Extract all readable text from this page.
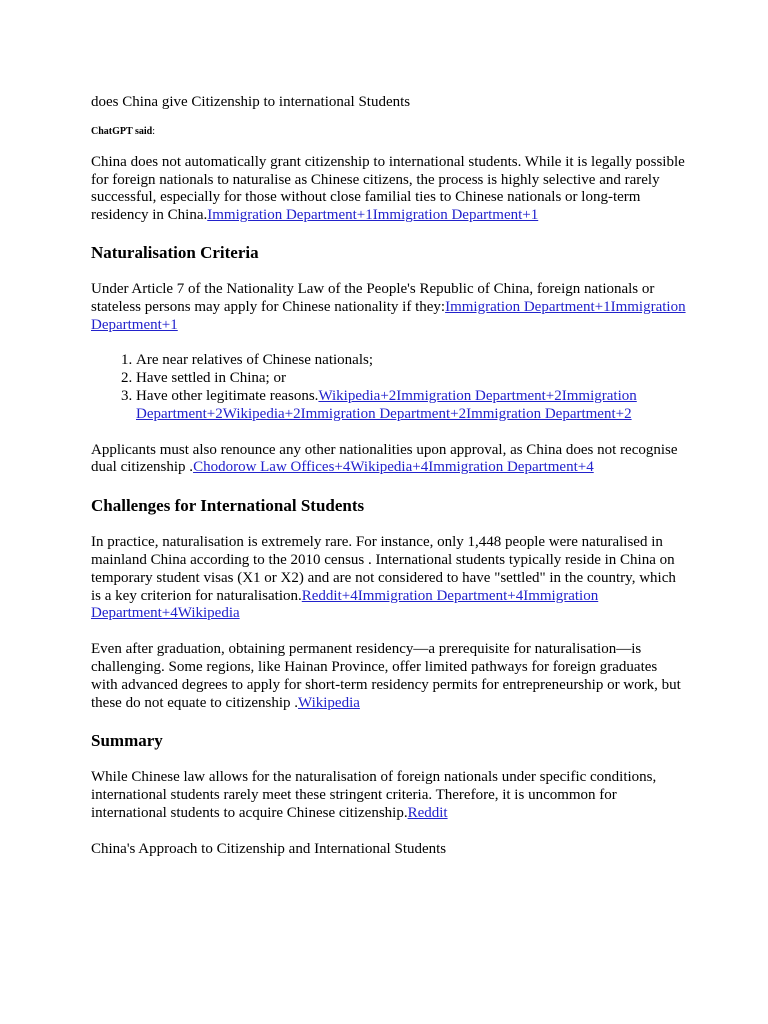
does China give Citizenship to international Students

ChatGPT said:

China does not automatically grant citizenship to international students. While it is legally possible for foreign nationals to naturalise as Chinese citizens, the process is highly selective and rarely successful, especially for those without close familial ties to Chinese nationals or long-term residency in China.Immigration Department+1Immigration Department+1

Naturalisation Criteria

Under Article 7 of the Nationality Law of the People's Republic of China, foreign nationals or stateless persons may apply for Chinese nationality if they:Immigration Department+1Immigration Department+1

1. Are near relatives of Chinese nationals;
2. Have settled in China; or
3. Have other legitimate reasons.Wikipedia+2Immigration Department+2Immigration Department+2Wikipedia+2Immigration Department+2Immigration Department+2

Applicants must also renounce any other nationalities upon approval, as China does not recognise dual citizenship .Chodorow Law Offices+4Wikipedia+4Immigration Department+4

Challenges for International Students

In practice, naturalisation is extremely rare. For instance, only 1,448 people were naturalised in mainland China according to the 2010 census . International students typically reside in China on temporary student visas (X1 or X2) and are not considered to have "settled" in the country, which is a key criterion for naturalisation.Reddit+4Immigration Department+4Immigration Department+4Wikipedia

Even after graduation, obtaining permanent residency—a prerequisite for naturalisation—is challenging. Some regions, like Hainan Province, offer limited pathways for foreign graduates with advanced degrees to apply for short-term residency permits for entrepreneurship or work, but these do not equate to citizenship .Wikipedia

Summary

While Chinese law allows for the naturalisation of foreign nationals under specific conditions, international students rarely meet these stringent criteria. Therefore, it is uncommon for international students to acquire Chinese citizenship.Reddit

China's Approach to Citizenship and International Students
